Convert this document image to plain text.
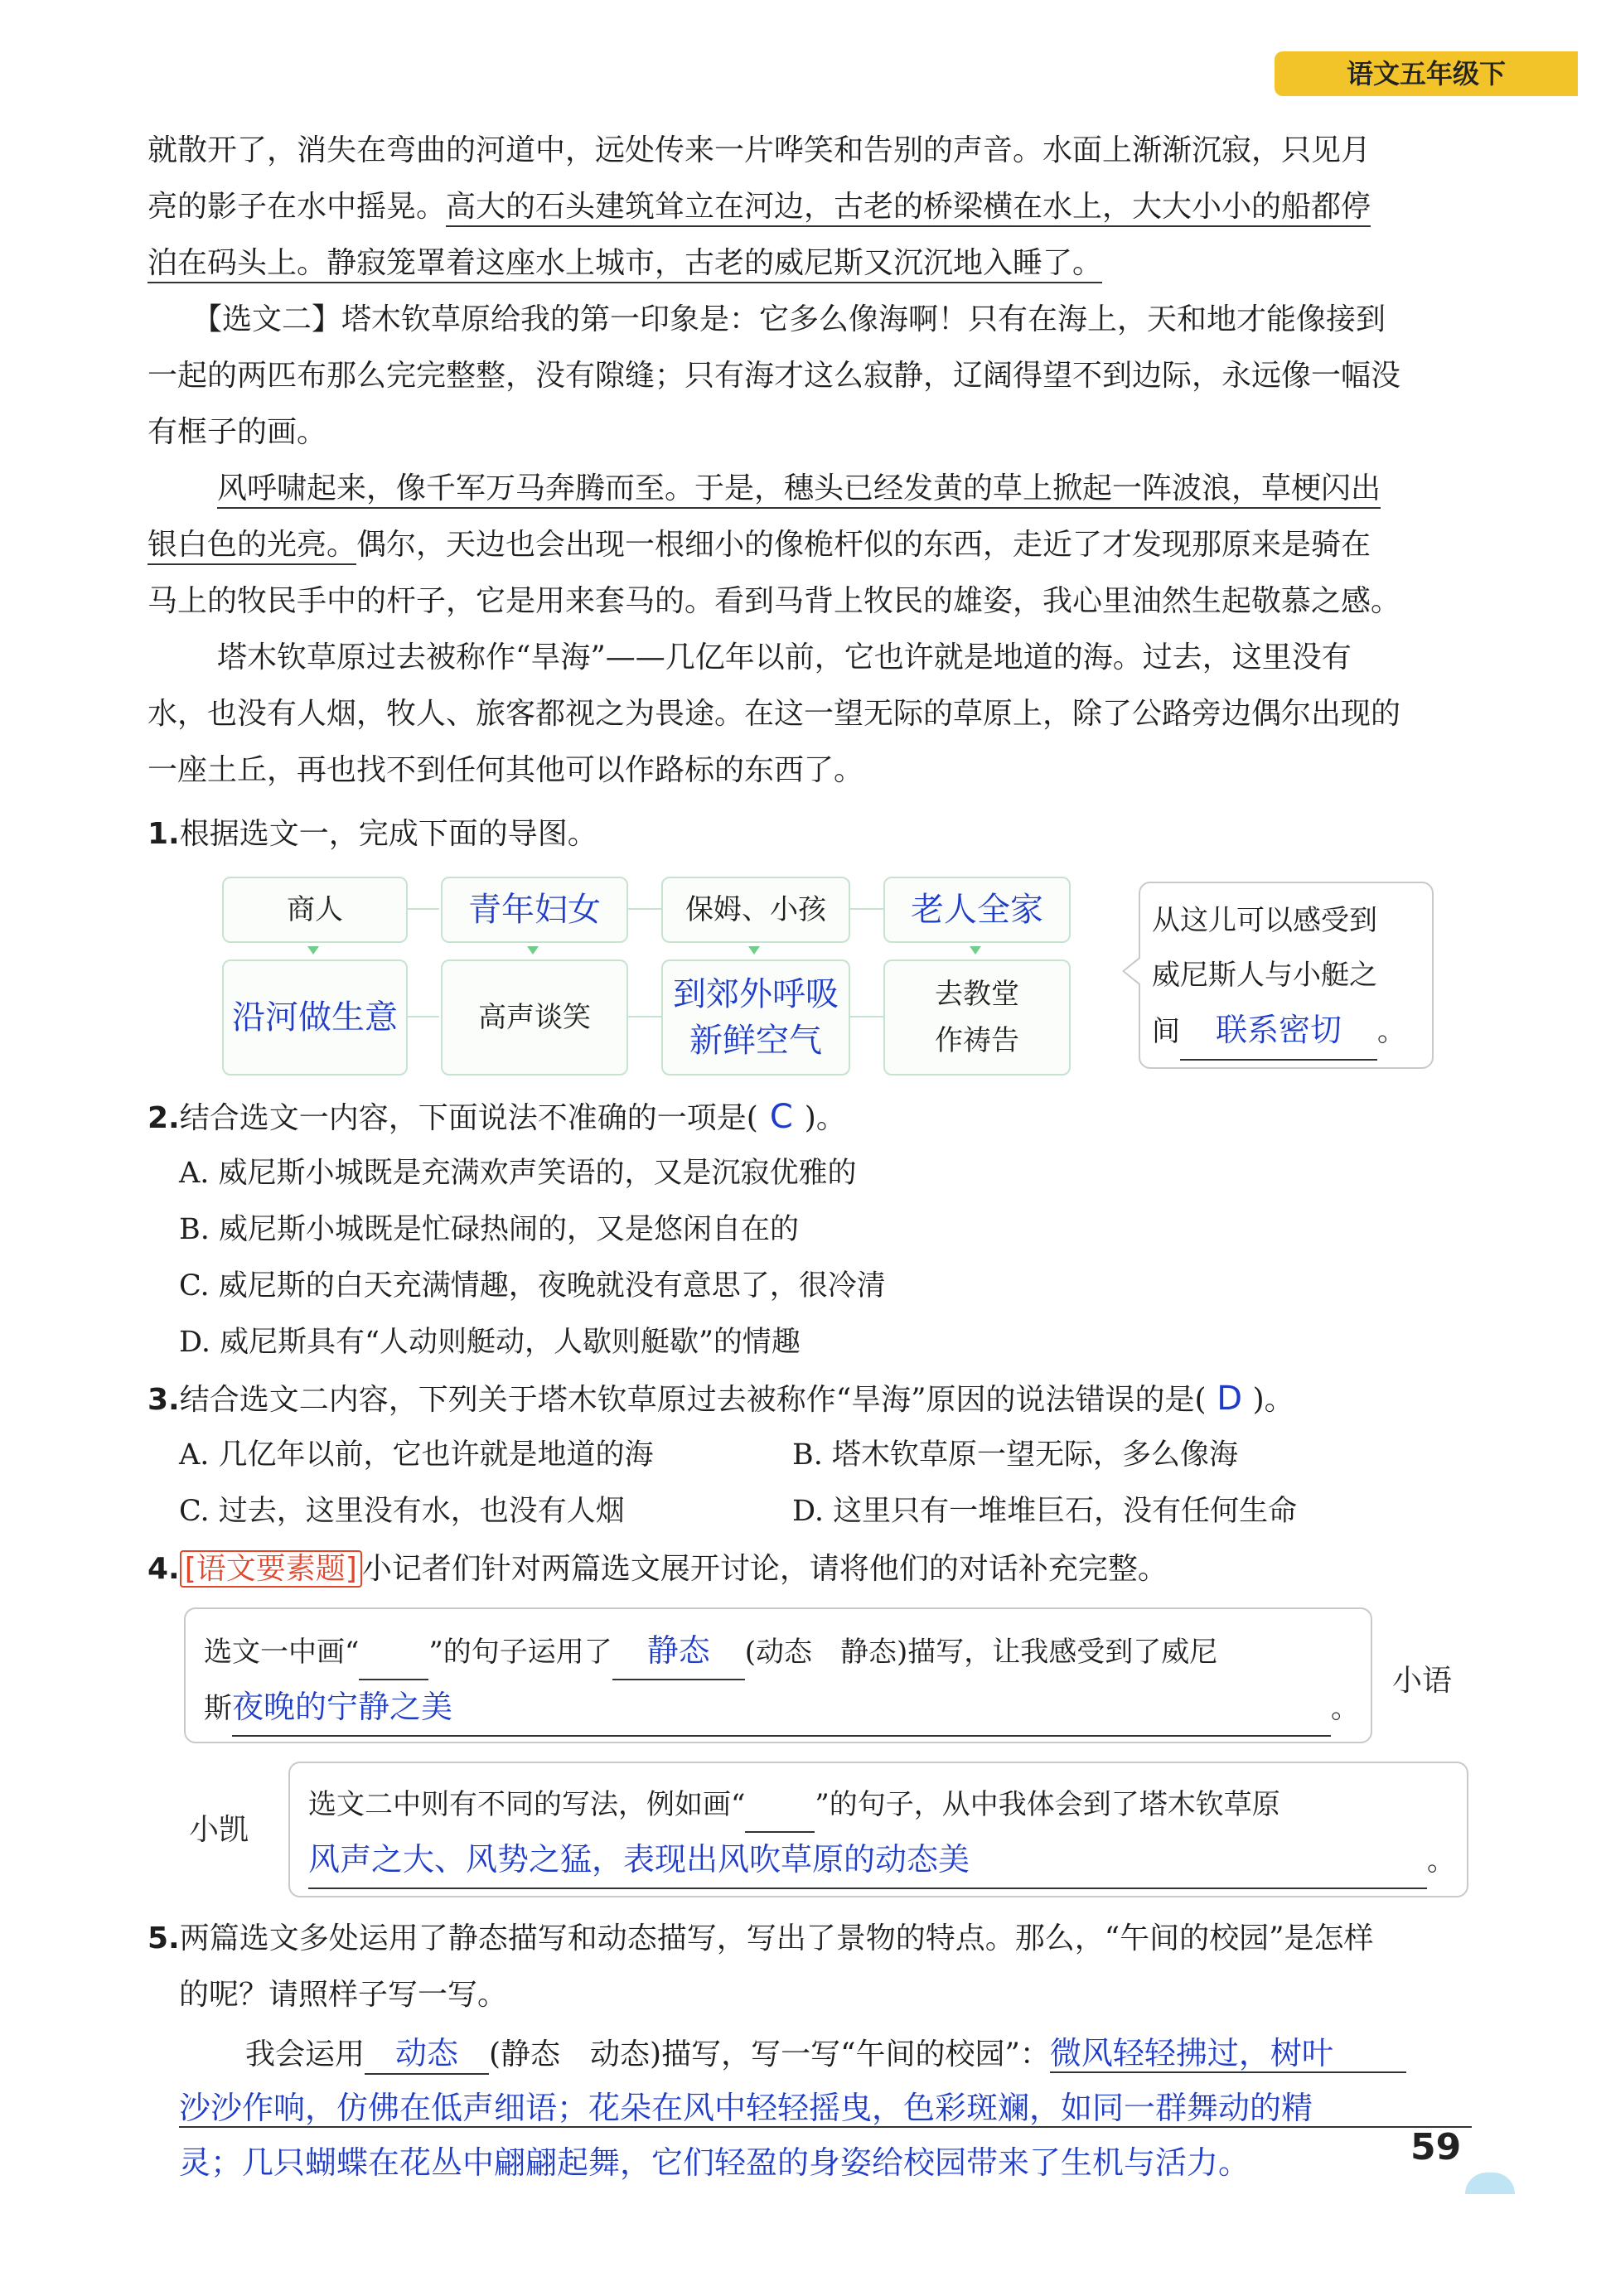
语文五年级下
就散开了，消失在弯曲的河道中，远处传来一片哗笑和告别的声音。水面上渐渐沉寂，只见月
亮的影子在水中摇晃。高大的石头建筑耸立在河边，古老的桥梁横在水上，大大小小的船都停
泊在码头上。静寂笼罩着这座水上城市，古老的威尼斯又沉沉地入睡了。
【选文二】塔木钦草原给我的第一印象是：它多么像海啊！只有在海上，天和地才能像接到
一起的两匹布那么完完整整，没有隙缝；只有海才这么寂静，辽阔得望不到边际，永远像一幅没
有框子的画。
风呼啸起来，像千军万马奔腾而至。于是，穗头已经发黄的草上掀起一阵波浪，草梗闪出
银白色的光亮。偶尔，天边也会出现一根细小的像桅杆似的东西，走近了才发现那原来是骑在
马上的牧民手中的杆子，它是用来套马的。看到马背上牧民的雄姿，我心里油然生起敬慕之感。
塔木钦草原过去被称作“旱海”——几亿年以前，它也许就是地道的海。过去，这里没有
水，也没有人烟，牧人、旅客都视之为畏途。在这一望无际的草原上，除了公路旁边偶尔出现的
一座土丘，再也找不到任何其他可以作路标的东西了。
1.根据选文一，完成下面的导图。
商人	青年妇女	保姆、小孩	老人全家
沿河做生意	高声谈笑
到郊外呼吸
新鲜空气
去教堂
作祷告
从这儿可以感受到
威尼斯人与小艇之
间 联系密切 。
2.结合选文一内容，下面说法不准确的一项是( C )。
A. 威尼斯小城既是充满欢声笑语的，又是沉寂优雅的
B. 威尼斯小城既是忙碌热闹的，又是悠闲自在的
C. 威尼斯的白天充满情趣，夜晚就没有意思了，很冷清
D. 威尼斯具有“人动则艇动，人歇则艇歇”的情趣
3.结合选文二内容，下列关于塔木钦草原过去被称作“旱海”原因的说法错误的是( D )。
A. 几亿年以前，它也许就是地道的海	B. 塔木钦草原一望无际，多么像海
C. 过去，这里没有水，也没有人烟	D. 这里只有一堆堆巨石，没有任何生命
4. [语文要素题] 小记者们针对两篇选文展开讨论，请将他们的对话补充完整。
选文一中画“ ”的句子运用了 静态 (动态　静态)描写，让我感受到了威尼
斯夜晚的宁静之美	。
小语
小凯
选文二中则有不同的写法，例如画“ ”的句子，从中我体会到了塔木钦草原
风声之大、风势之猛，表现出风吹草原的动态美	。
5.两篇选文多处运用了静态描写和动态描写，写出了景物的特点。那么，“午间的校园”是怎样
的呢？请照样子写一写。
我会运用 动态 (静态　动态)描写，写一写“午间的校园”：微风轻轻拂过，树叶
沙沙作响，仿佛在低声细语；花朵在风中轻轻摇曳，色彩斑斓，如同一群舞动的精
灵；几只蝴蝶在花丛中翩翩起舞，它们轻盈的身姿给校园带来了生机与活力。	59
